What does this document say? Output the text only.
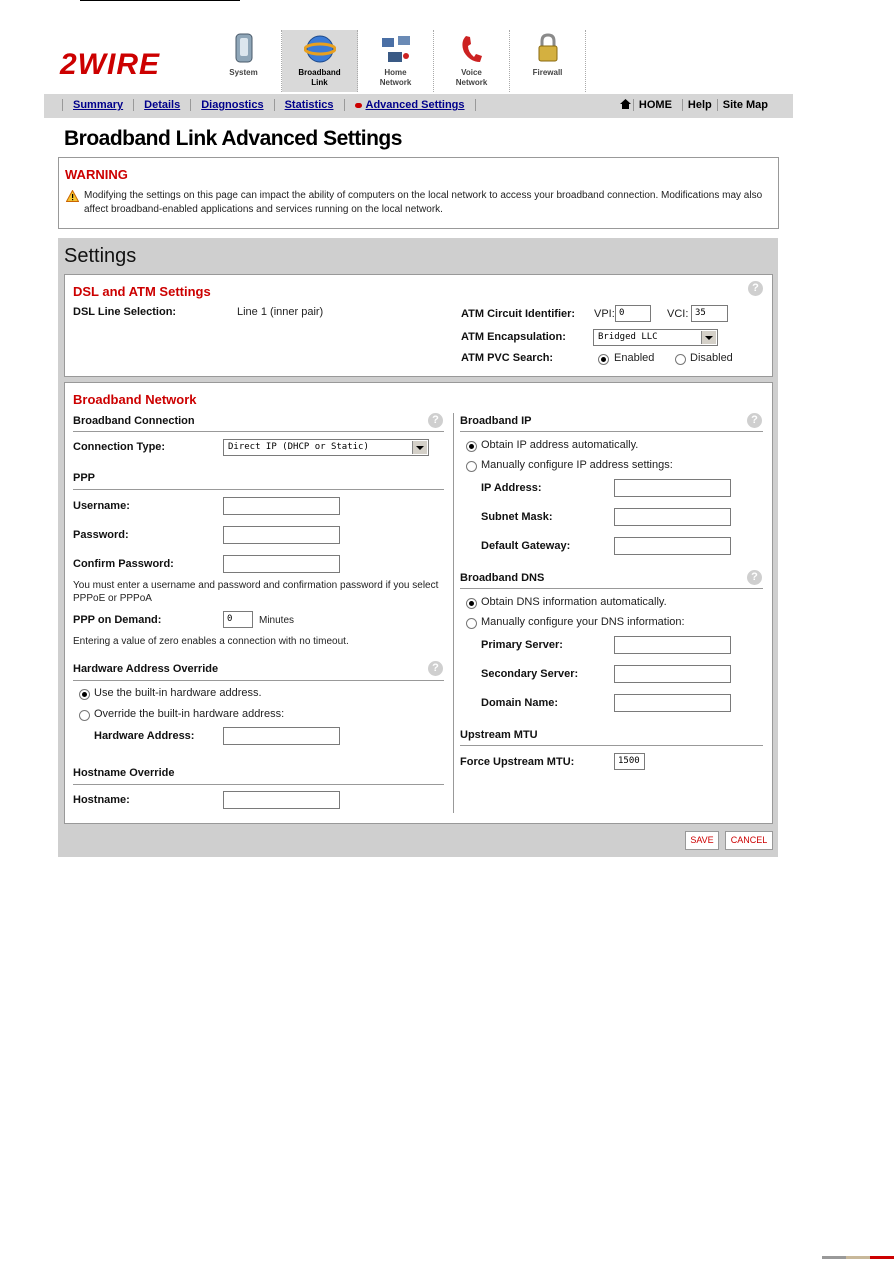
2WIRE	System	Broadband
Link
Home
Network
Voice
Network
Firewall
Summary	Details	Diagnostics	Statistics	Advanced Settings	HOME	Help	Site Map
Broadband Link Advanced Settings
WARNING
Modifying the settings on this page can impact the ability of computers on the local network to access your broadband connection. Modifications may also affect broadband-enabled applications and services running on the local network.
Settings
DSL and ATM Settings	?
DSL Line Selection:	Line 1 (inner pair)	ATM Circuit Identifier: VPI: 0	VCI: 35
ATM Encapsulation:	Bridged LLC
ATM PVC Search:	Enabled	Disabled
Broadband Network
Broadband Connection	?
Connection Type:	Direct IP (DHCP or Static)
PPP
Username:
Password:
Confirm Password:
You must enter a username and password and confirmation password if you select PPPoE or PPPoA
PPP on Demand:	0	Minutes
Entering a value of zero enables a connection with no timeout.
Hardware Address Override	?
Use the built-in hardware address.
Override the built-in hardware address:
Hardware Address:
Hostname Override
Hostname:
Broadband IP	?
Obtain IP address automatically.
Manually configure IP address settings:
IP Address:
Subnet Mask:
Default Gateway:
Broadband DNS	?
Obtain DNS information automatically.
Manually configure your DNS information:
Primary Server:
Secondary Server:
Domain Name:
Upstream MTU
Force Upstream MTU:	1500
SAVE	CANCEL
